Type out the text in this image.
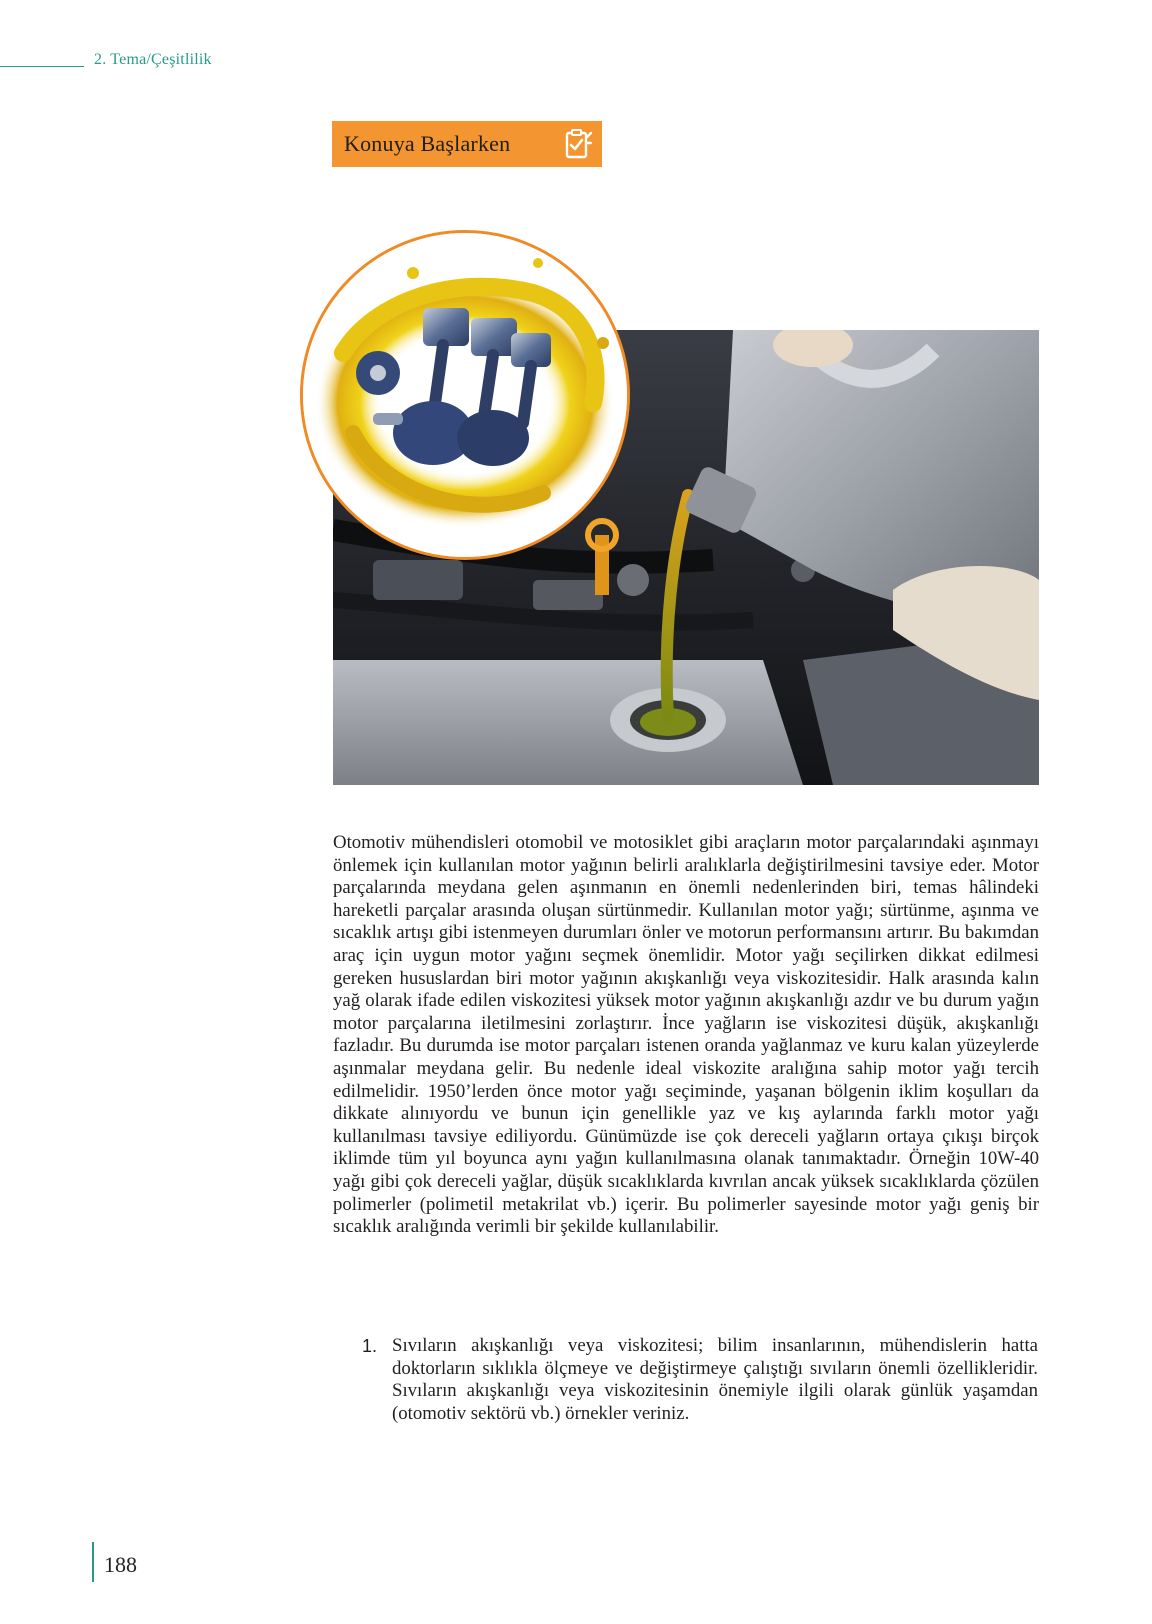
2. Tema/Çeşitlilik
Konuya Başlarken
Otomotiv mühendisleri otomobil ve motosiklet gibi araçların motor parçalarındaki aşınmayı önlemek için kullanılan motor yağının belirli aralıklarla değiştirilmesini tavsiye eder. Motor parçalarında meydana gelen aşınmanın en önemli nedenlerinden biri, temas hâlindeki hareketli parçalar arasında oluşan sürtünmedir. Kullanılan motor yağı; sürtünme, aşınma ve sıcaklık artışı gibi istenmeyen durumları önler ve motorun performansını artırır. Bu bakımdan araç için uygun motor yağını seçmek önemlidir. Motor yağı seçilirken dikkat edilmesi gereken hususlardan biri motor yağının akışkanlığı veya viskozitesidir. Halk arasında kalın yağ olarak ifade edilen viskozitesi yüksek motor yağının akışkanlığı azdır ve bu durum yağın motor parçalarına iletilmesini zorlaştırır. İnce yağların ise viskozitesi düşük, akışkanlığı fazladır. Bu durumda ise motor parçaları istenen oranda yağlanmaz ve kuru kalan yüzeylerde aşınmalar meydana gelir. Bu nedenle ideal viskozite aralığına sahip motor yağı tercih edilmelidir. 1950’lerden önce motor yağı seçiminde, yaşanan bölgenin iklim koşulları da dikkate alınıyordu ve bunun için genellikle yaz ve kış aylarında farklı motor yağı kullanılması tavsiye ediliyordu. Günümüzde ise çok dereceli yağların ortaya çıkışı birçok iklimde tüm yıl boyunca aynı yağın kullanılmasına olanak tanımaktadır. Örneğin 10W-40 yağı gibi çok dereceli yağlar, düşük sıcaklıklarda kıvrılan ancak yüksek sıcaklıklarda çözülen polimerler (polimetil metakrilat vb.) içerir. Bu polimerler sayesinde motor yağı geniş bir sıcaklık aralığında verimli bir şekilde kullanılabilir.
1. Sıvıların akışkanlığı veya viskozitesi; bilim insanlarının, mühendislerin hatta doktorların sıklıkla ölçmeye ve değiştirmeye çalıştığı sıvıların önemli özellikleridir. Sıvıların akışkanlığı veya viskozitesinin önemiyle ilgili olarak günlük yaşamdan (otomotiv sektörü vb.) örnekler veriniz.
188
